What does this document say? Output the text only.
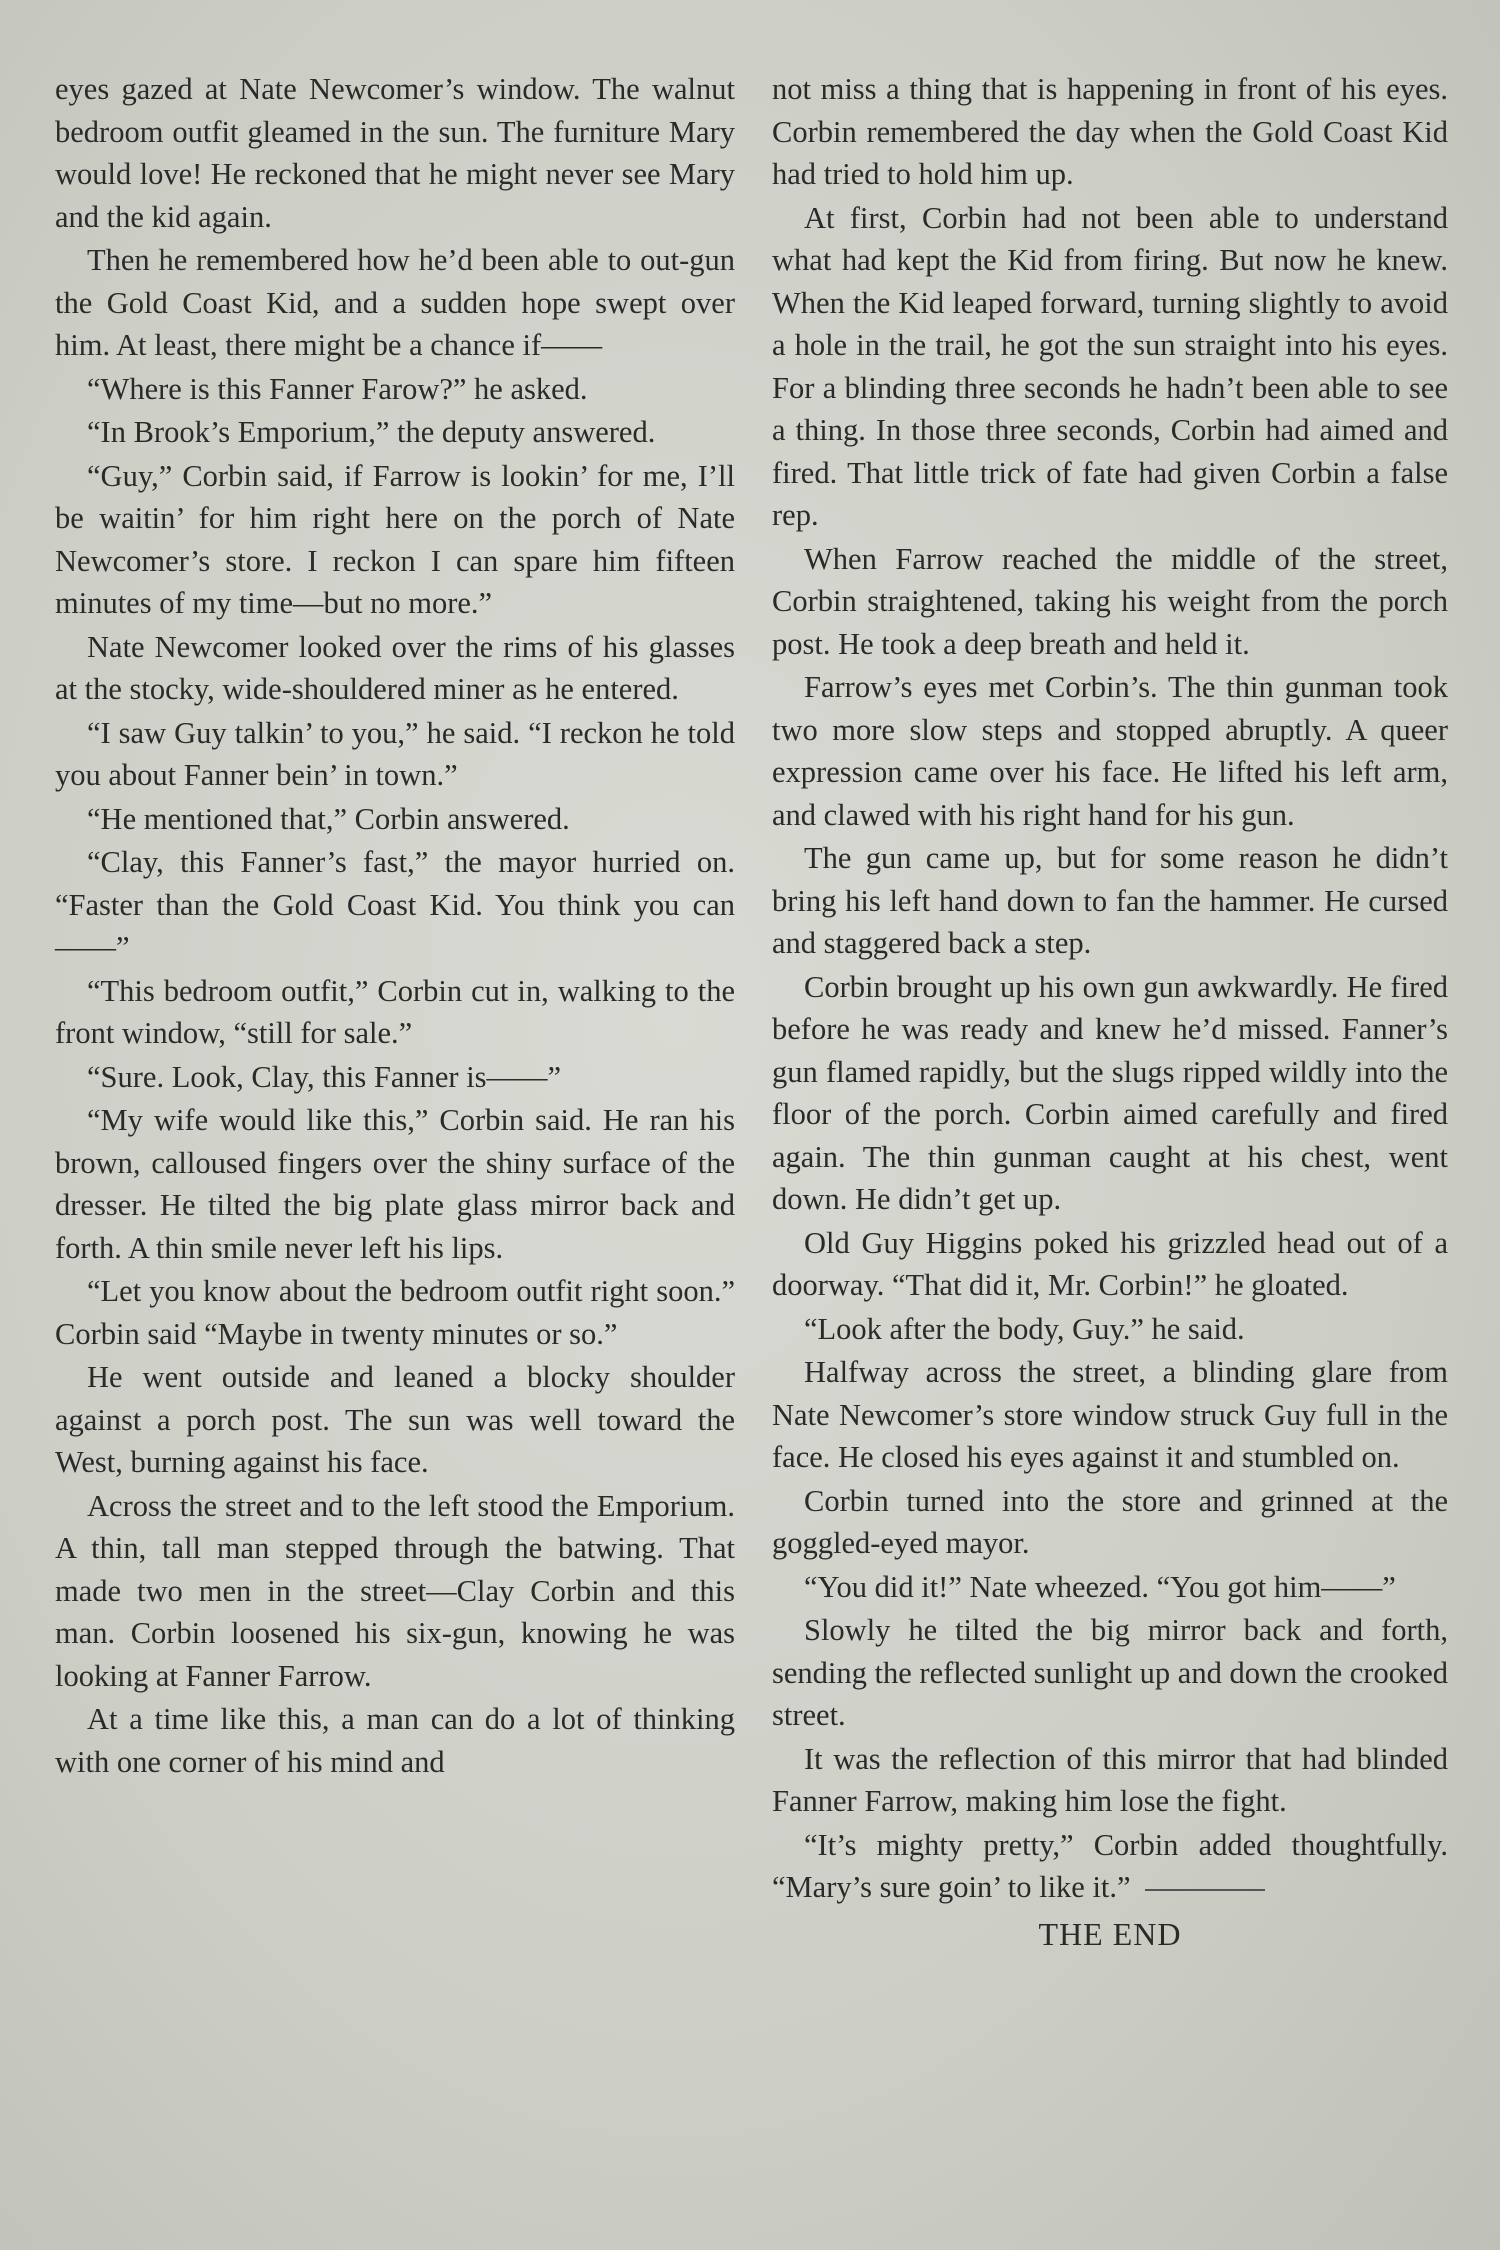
eyes gazed at Nate Newcomer’s window. The walnut bedroom outfit gleamed in the sun. The furniture Mary would love! He reckoned that he might never see Mary and the kid again.

Then he remembered how he’d been able to out-gun the Gold Coast Kid, and a sudden hope swept over him. At least, there might be a chance if——

“Where is this Fanner Farow?” he asked.

“In Brook’s Emporium,” the deputy answered.

“Guy,” Corbin said, if Farrow is lookin’ for me, I’ll be waitin’ for him right here on the porch of Nate Newcomer’s store. I reckon I can spare him fifteen minutes of my time—but no more.”

Nate Newcomer looked over the rims of his glasses at the stocky, wide-shouldered miner as he entered.

“I saw Guy talkin’ to you,” he said. “I reckon he told you about Fanner bein’ in town.”

“He mentioned that,” Corbin answered.

“Clay, this Fanner’s fast,” the mayor hurried on. “Faster than the Gold Coast Kid. You think you can——”

“This bedroom outfit,” Corbin cut in, walking to the front window, “still for sale.”

“Sure. Look, Clay, this Fanner is——”

“My wife would like this,” Corbin said. He ran his brown, calloused fingers over the shiny surface of the dresser. He tilted the big plate glass mirror back and forth. A thin smile never left his lips.

“Let you know about the bedroom outfit right soon.” Corbin said “Maybe in twenty minutes or so.”

He went outside and leaned a blocky shoulder against a porch post. The sun was well toward the West, burning against his face.

Across the street and to the left stood the Emporium. A thin, tall man stepped through the batwing. That made two men in the street—Clay Corbin and this man. Corbin loosened his six-gun, knowing he was looking at Fanner Farrow.

At a time like this, a man can do a lot of thinking with one corner of his mind and

not miss a thing that is happening in front of his eyes. Corbin remembered the day when the Gold Coast Kid had tried to hold him up.

At first, Corbin had not been able to understand what had kept the Kid from firing. But now he knew. When the Kid leaped forward, turning slightly to avoid a hole in the trail, he got the sun straight into his eyes. For a blinding three seconds he hadn’t been able to see a thing. In those three seconds, Corbin had aimed and fired. That little trick of fate had given Corbin a false rep.

When Farrow reached the middle of the street, Corbin straightened, taking his weight from the porch post. He took a deep breath and held it.

Farrow’s eyes met Corbin’s. The thin gunman took two more slow steps and stopped abruptly. A queer expression came over his face. He lifted his left arm, and clawed with his right hand for his gun.

The gun came up, but for some reason he didn’t bring his left hand down to fan the hammer. He cursed and staggered back a step.

Corbin brought up his own gun awkwardly. He fired before he was ready and knew he’d missed. Fanner’s gun flamed rapidly, but the slugs ripped wildly into the floor of the porch. Corbin aimed carefully and fired again. The thin gunman caught at his chest, went down. He didn’t get up.

Old Guy Higgins poked his grizzled head out of a doorway. “That did it, Mr. Corbin!” he gloated.

“Look after the body, Guy.” he said.

Halfway across the street, a blinding glare from Nate Newcomer’s store window struck Guy full in the face. He closed his eyes against it and stumbled on.

Corbin turned into the store and grinned at the goggled-eyed mayor.

“You did it!” Nate wheezed. “You got him——”

Slowly he tilted the big mirror back and forth, sending the reflected sunlight up and down the crooked street.

It was the reflection of this mirror that had blinded Fanner Farrow, making him lose the fight.

“It’s mighty pretty,” Corbin added thoughtfully. “Mary’s sure goin’ to like it.”

THE END
